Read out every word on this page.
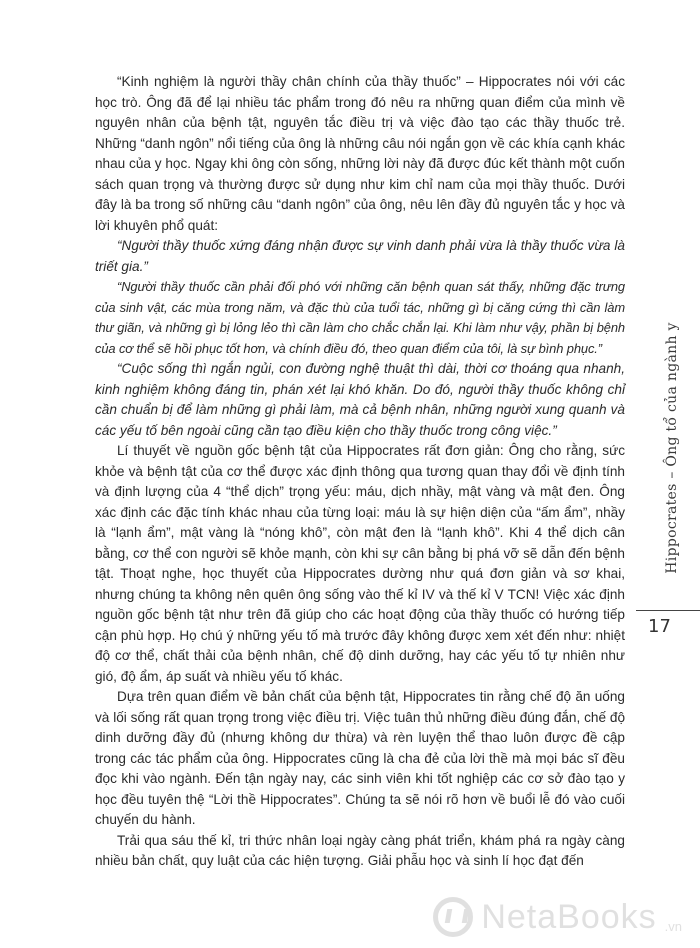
“Kinh nghiệm là người thầy chân chính của thầy thuốc” – Hippocrates nói với các học trò. Ông đã để lại nhiều tác phẩm trong đó nêu ra những quan điểm của mình về nguyên nhân của bệnh tật, nguyên tắc điều trị và việc đào tạo các thầy thuốc trẻ. Những “danh ngôn” nổi tiếng của ông là những câu nói ngắn gọn về các khía cạnh khác nhau của y học. Ngay khi ông còn sống, những lời này đã được đúc kết thành một cuốn sách quan trọng và thường được sử dụng như kim chỉ nam của mọi thầy thuốc. Dưới đây là ba trong số những câu “danh ngôn” của ông, nêu lên đầy đủ nguyên tắc y học và lời khuyên phổ quát:

“Người thầy thuốc xứng đáng nhận được sự vinh danh phải vừa là thầy thuốc vừa là triết gia.”

“Người thầy thuốc cần phải đối phó với những căn bệnh quan sát thấy, những đặc trưng của sinh vật, các mùa trong năm, và đặc thù của tuổi tác, những gì bị căng cứng thì cần làm thư giãn, và những gì bị lỏng lẻo thì cần làm cho chắc chắn lại. Khi làm như vậy, phần bị bệnh của cơ thể sẽ hồi phục tốt hơn, và chính điều đó, theo quan điểm của tôi, là sự bình phục.”

“Cuộc sống thì ngắn ngủi, con đường nghệ thuật thì dài, thời cơ thoáng qua nhanh, kinh nghiệm không đáng tin, phán xét lại khó khăn. Do đó, người thầy thuốc không chỉ cần chuẩn bị để làm những gì phải làm, mà cả bệnh nhân, những người xung quanh và các yếu tố bên ngoài cũng cần tạo điều kiện cho thầy thuốc trong công việc.”

Lí thuyết về nguồn gốc bệnh tật của Hippocrates rất đơn giản: Ông cho rằng, sức khỏe và bệnh tật của cơ thể được xác định thông qua tương quan thay đổi về định tính và định lượng của 4 “thể dịch” trọng yếu: máu, dịch nhầy, mật vàng và mật đen. Ông xác định các đặc tính khác nhau của từng loại: máu là sự hiện diện của “ấm ẩm”, nhầy là “lạnh ẩm”, mật vàng là “nóng khô”, còn mật đen là “lạnh khô”. Khi 4 thể dịch cân bằng, cơ thể con người sẽ khỏe mạnh, còn khi sự cân bằng bị phá vỡ sẽ dẫn đến bệnh tật. Thoạt nghe, học thuyết của Hippocrates dường như quá đơn giản và sơ khai, nhưng chúng ta không nên quên ông sống vào thế kỉ IV và thế kỉ V TCN! Việc xác định nguồn gốc bệnh tật như trên đã giúp cho các hoạt động của thầy thuốc có hướng tiếp cận phù hợp. Họ chú ý những yếu tố mà trước đây không được xem xét đến như: nhiệt độ cơ thể, chất thải của bệnh nhân, chế độ dinh dưỡng, hay các yếu tố tự nhiên như gió, độ ẩm, áp suất và nhiều yếu tố khác.

Dựa trên quan điểm về bản chất của bệnh tật, Hippocrates tin rằng chế độ ăn uống và lối sống rất quan trọng trong việc điều trị. Việc tuân thủ những điều đúng đắn, chế độ dinh dưỡng đầy đủ (nhưng không dư thừa) và rèn luyện thể thao luôn được đề cập trong các tác phẩm của ông. Hippocrates cũng là cha đẻ của lời thề mà mọi bác sĩ đều đọc khi vào ngành. Đến tận ngày nay, các sinh viên khi tốt nghiệp các cơ sở đào tạo y học đều tuyên thệ “Lời thề Hippocrates”. Chúng ta sẽ nói rõ hơn về buổi lễ đó vào cuối chuyến du hành.

Trải qua sáu thế kỉ, tri thức nhân loại ngày càng phát triển, khám phá ra ngày càng nhiều bản chất, quy luật của các hiện tượng. Giải phẫu học và sinh lí học đạt đến

Hippocrates – Ông tổ của ngành y
17
NetaBooks .vn
